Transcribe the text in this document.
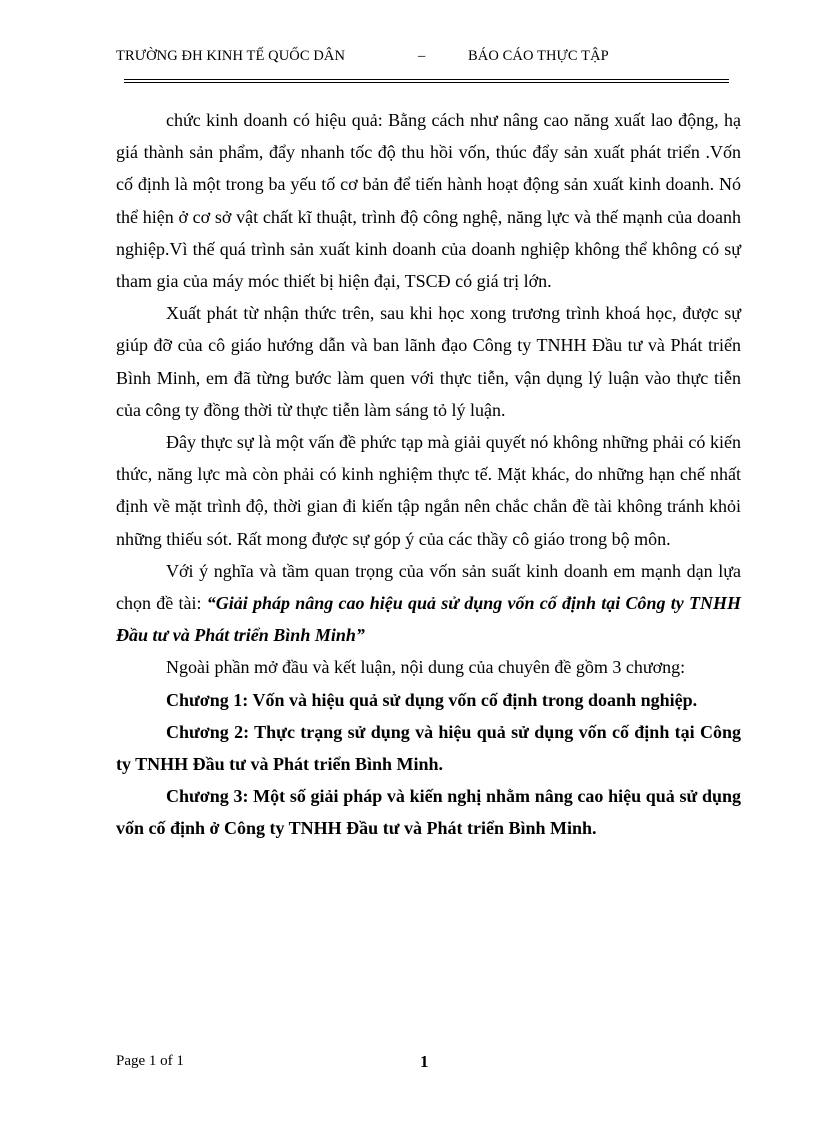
TRƯỜNG ĐH KINH TẾ QUỐC DÂN	–	BÁO CÁO THỰC TẬP

chức kinh doanh có hiệu quả: Bằng cách như nâng cao năng xuất lao động, hạ giá thành sản phẩm, đẩy nhanh tốc độ thu hồi vốn, thúc đẩy sản xuất phát triển .Vốn cố định là một trong ba yếu tố cơ bản để tiến hành hoạt động sản xuất kinh doanh. Nó thể hiện ở cơ sở vật chất kĩ thuật, trình độ công nghệ, năng lực và thế mạnh của doanh nghiệp.Vì thế quá trình sản xuất kinh doanh của doanh nghiệp không thể không có sự tham gia của máy móc thiết bị hiện đại, TSCĐ có giá trị lớn.

Xuất phát từ nhận thức trên, sau khi học xong trương trình khoá học, được sự giúp đỡ của cô giáo hướng dẫn và ban lãnh đạo Công ty TNHH Đầu tư và Phát triển Bình Minh, em đã từng bước làm quen với thực tiễn, vận dụng lý luận vào thực tiễn của công ty đồng thời từ thực tiễn làm sáng tỏ lý luận.

Đây thực sự là một vấn đề phức tạp mà giải quyết nó không những phải có kiến thức, năng lực mà còn phải có kinh nghiệm thực tế. Mặt khác, do những hạn chế nhất định về mặt trình độ, thời gian đi kiến tập ngắn nên chắc chắn đề tài không tránh khỏi những thiếu sót. Rất mong được sự góp ý của các thầy cô giáo trong bộ môn.

Với ý nghĩa và tầm quan trọng của vốn sản suất kinh doanh em mạnh dạn lựa chọn đề tài: “Giải pháp nâng cao hiệu quả sử dụng vốn cố định tại Công ty TNHH Đầu tư và Phát triển Bình Minh”

Ngoài phần mở đầu và kết luận, nội dung của chuyên đề gồm 3 chương:

Chương 1: Vốn và hiệu quả sử dụng vốn cố định trong doanh nghiệp.

Chương 2: Thực trạng sử dụng và hiệu quả sử dụng vốn cố định tại Công ty TNHH Đầu tư và Phát triển Bình Minh.

Chương 3: Một số giải pháp và kiến nghị nhằm nâng cao hiệu quả sử dụng vốn cố định ở Công ty TNHH Đầu tư và Phát triển Bình Minh.

Page 1 of 1	1
